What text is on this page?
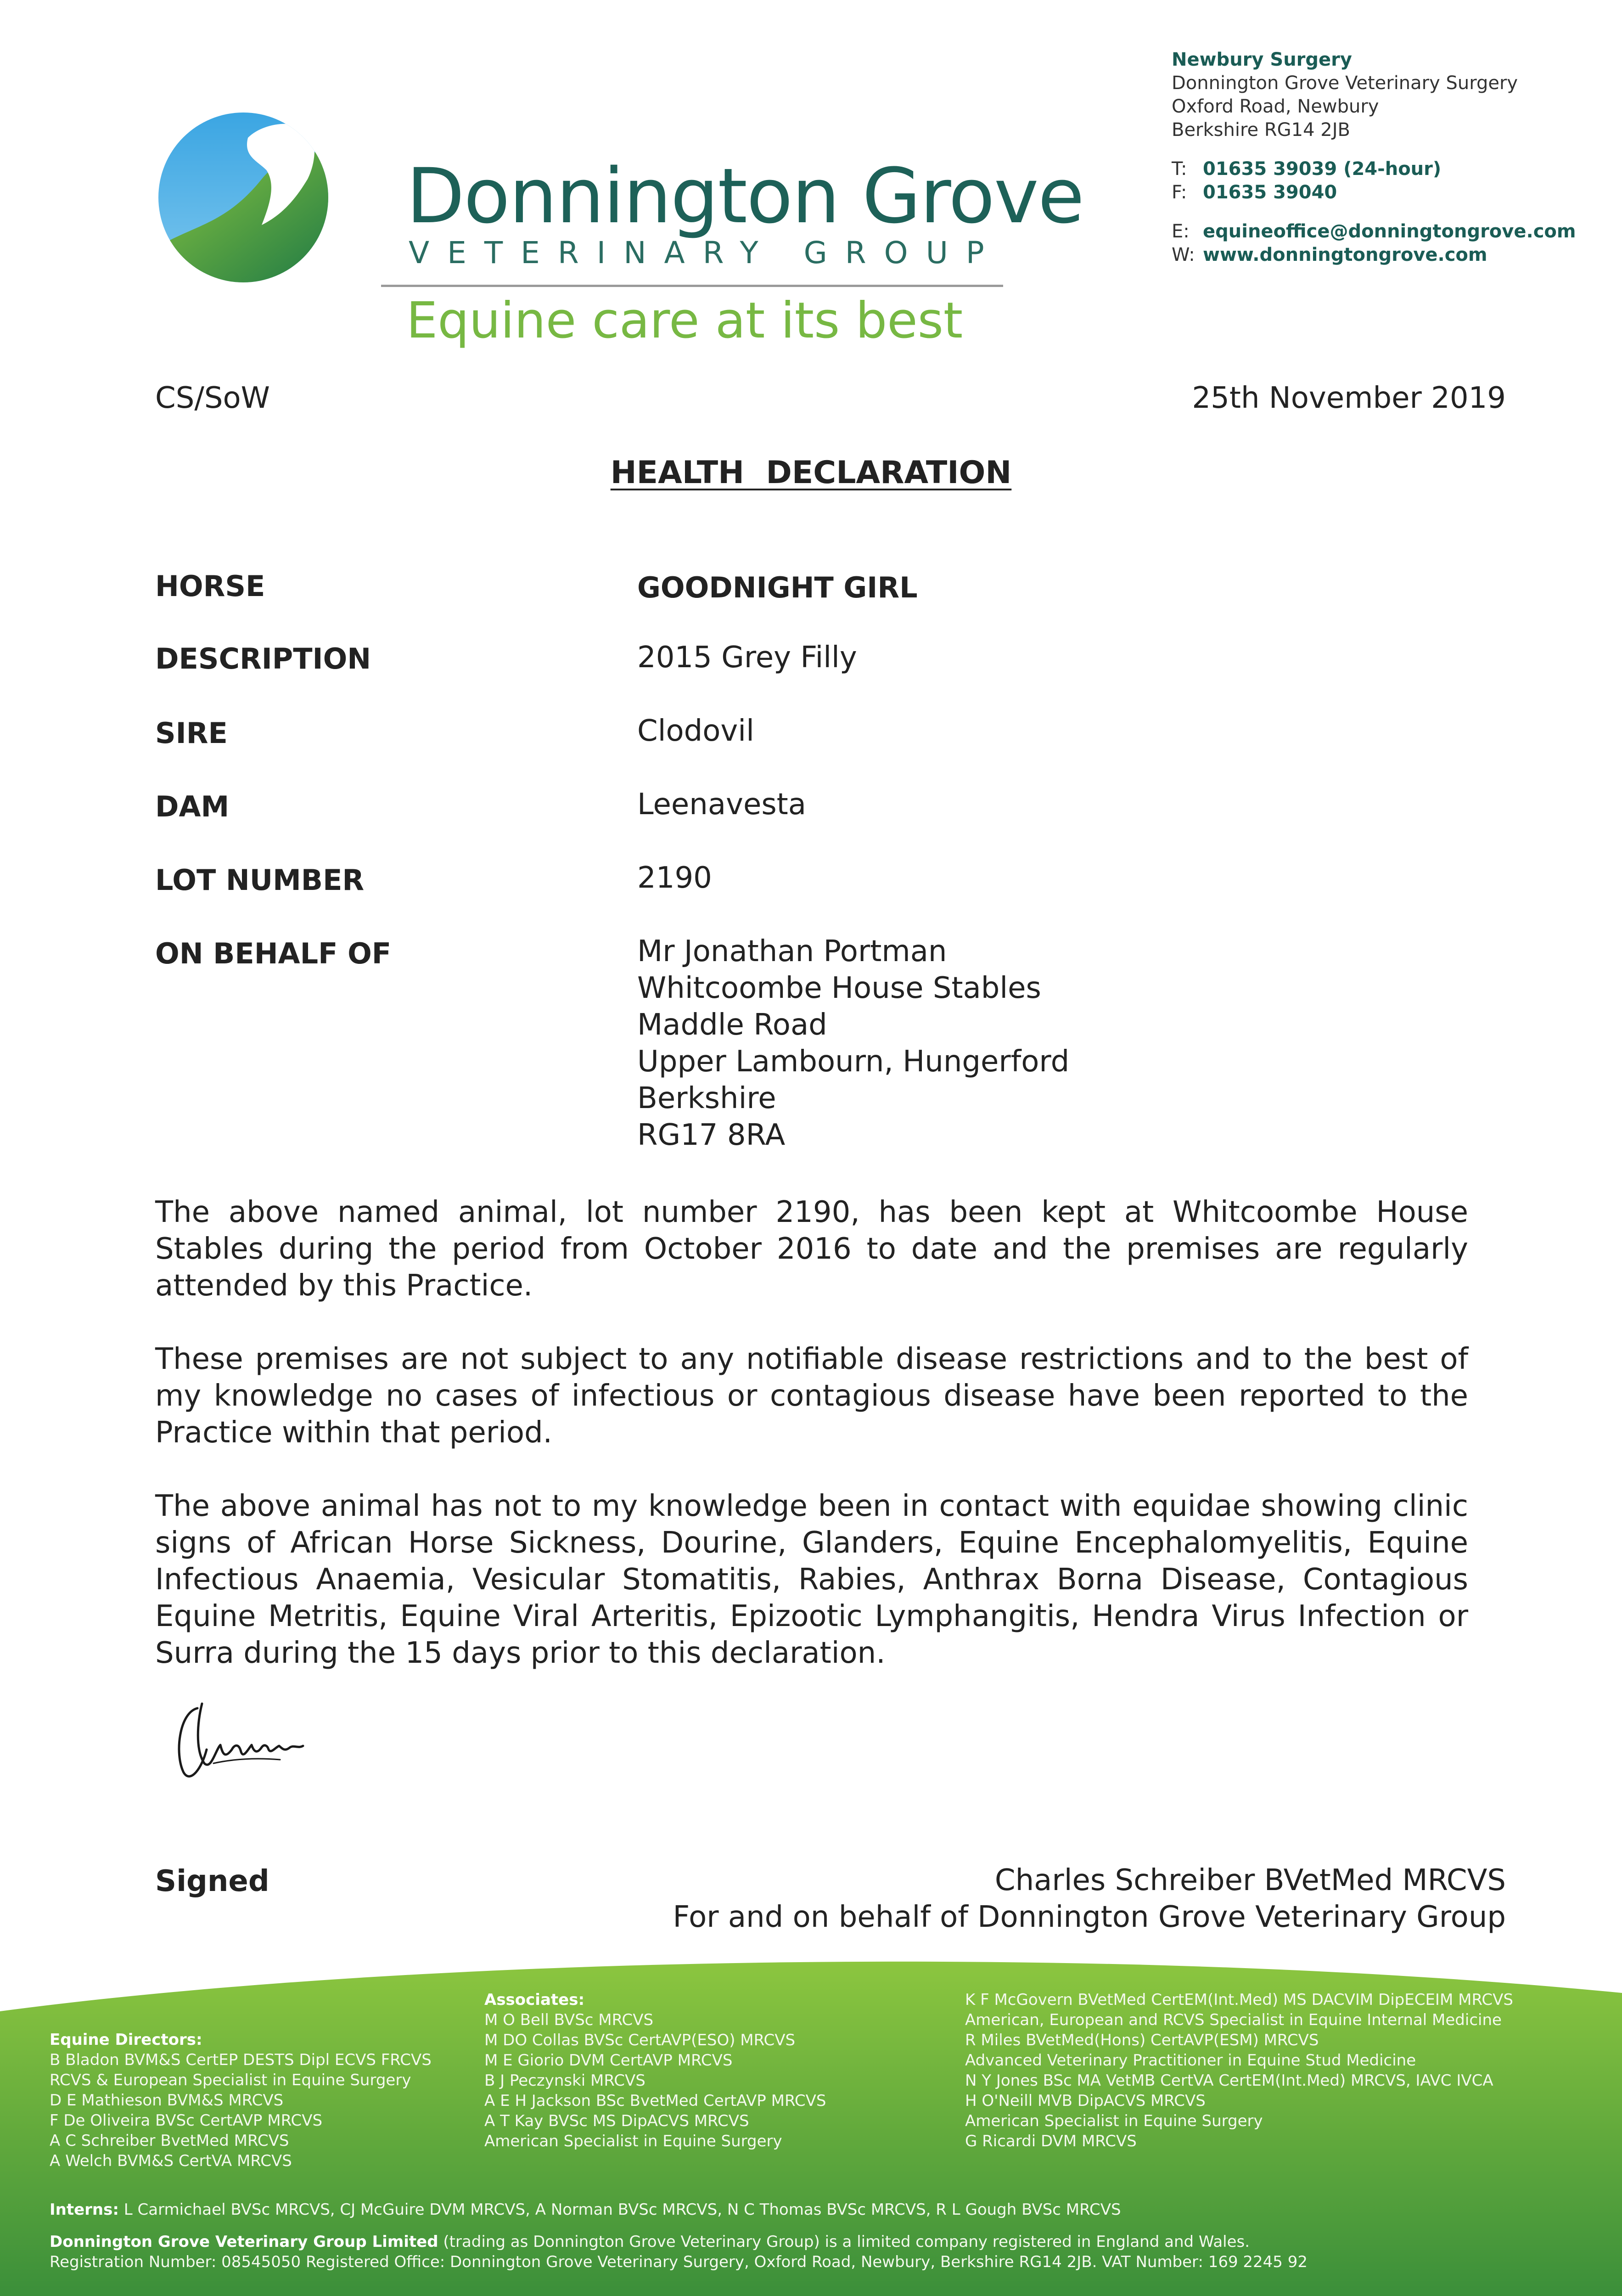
Newbury Surgery
Donnington Grove Veterinary Surgery
Oxford Road, Newbury
Berkshire RG14 2JB
T: 01635 39039 (24-hour)
F: 01635 39040
E: equineoffice@donningtongrove.com
W: www.donningtongrove.com
Donnington Grove
VETERINARY GROUP
Equine care at its best
CS/SoW	25th November 2019
HEALTH  DECLARATION
HORSE	GOODNIGHT GIRL
DESCRIPTION	2015 Grey Filly
SIRE	Clodovil
DAM	Leenavesta
LOT NUMBER	2190
ON BEHALF OF	Mr Jonathan Portman
Whitcoombe House Stables
Maddle Road
Upper Lambourn, Hungerford
Berkshire
RG17 8RA
The above named animal, lot number 2190, has been kept at Whitcoombe House Stables during the period from October 2016 to date and the premises are regularly attended by this Practice.
These premises are not subject to any notifiable disease restrictions and to the best of my knowledge no cases of infectious or contagious disease have been reported to the Practice within that period.
The above animal has not to my knowledge been in contact with equidae showing clinic signs of African Horse Sickness, Dourine, Glanders, Equine Encephalomyelitis, Equine Infectious Anaemia, Vesicular Stomatitis, Rabies, Anthrax Borna Disease, Contagious Equine Metritis, Equine Viral Arteritis, Epizootic Lymphangitis, Hendra Virus Infection or Surra during the 15 days prior to this declaration.
Signed	Charles Schreiber BVetMed MRCVS
For and on behalf of Donnington Grove Veterinary Group
Equine Directors:
B Bladon BVM&S CertEP DESTS Dipl ECVS FRCVS
RCVS & European Specialist in Equine Surgery
D E Mathieson BVM&S MRCVS
F De Oliveira BVSc CertAVP MRCVS
A C Schreiber BvetMed MRCVS
A Welch BVM&S CertVA MRCVS
Associates:
M O Bell BVSc MRCVS
M DO Collas BVSc CertAVP(ESO) MRCVS
M E Giorio DVM CertAVP MRCVS
B J Peczynski MRCVS
A E H Jackson BSc BvetMed CertAVP MRCVS
A T Kay BVSc MS DipACVS MRCVS
American Specialist in Equine Surgery
K F McGovern BVetMed CertEM(Int.Med) MS DACVIM DipECEIM MRCVS
American, European and RCVS Specialist in Equine Internal Medicine
R Miles BVetMed(Hons) CertAVP(ESM) MRCVS
Advanced Veterinary Practitioner in Equine Stud Medicine
N Y Jones BSc MA VetMB CertVA CertEM(Int.Med) MRCVS, IAVC IVCA
H O'Neill MVB DipACVS MRCVS
American Specialist in Equine Surgery
G Ricardi DVM MRCVS
Interns: L Carmichael BVSc MRCVS, CJ McGuire DVM MRCVS, A Norman BVSc MRCVS, N C Thomas BVSc MRCVS, R L Gough BVSc MRCVS
Donnington Grove Veterinary Group Limited (trading as Donnington Grove Veterinary Group) is a limited company registered in England and Wales.
Registration Number: 08545050 Registered Office: Donnington Grove Veterinary Surgery, Oxford Road, Newbury, Berkshire RG14 2JB. VAT Number: 169 2245 92
